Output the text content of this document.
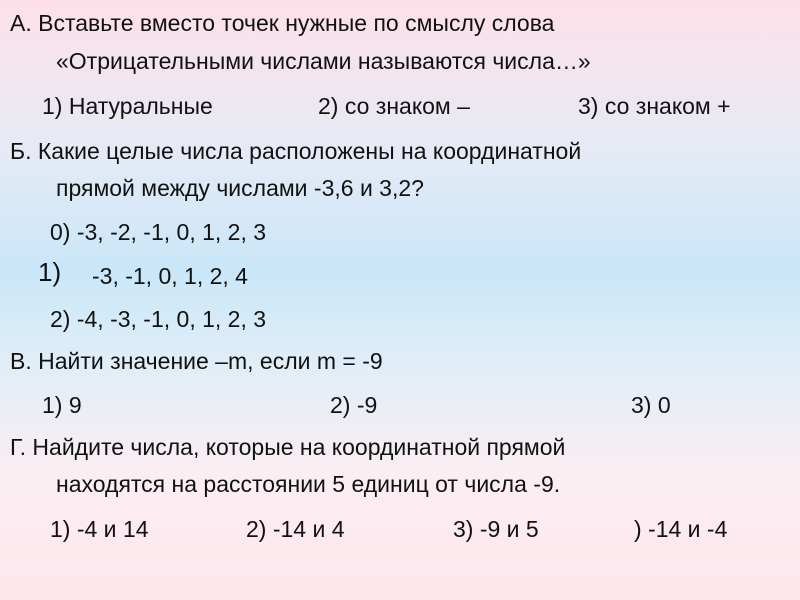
А. Вставьте вместо точек нужные по смыслу слова
«Отрицательными числами называются числа…»
1) Натуральные	2) со знаком –	3) со знаком +
Б. Какие целые числа расположены на координатной
прямой между числами -3,6 и 3,2?
0) -3, -2, -1, 0, 1, 2, 3
1) -3, -1, 0, 1, 2, 4
2) -4, -3, -1, 0, 1, 2, 3
В. Найти значение –m, если m = -9
1) 9	2) -9	3) 0
Г. Найдите числа, которые на координатной прямой
находятся на расстоянии 5 единиц от числа -9.
1) -4 и 14	2) -14 и 4	3) -9 и 5	) -14 и -4
